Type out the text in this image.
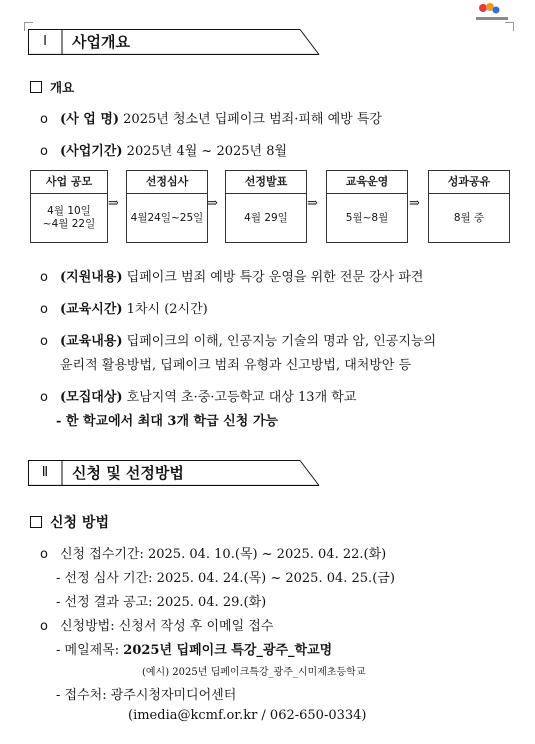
Ⅰ	사업개요
개요
o (사 업 명) 2025년 청소년 딥페이크 범죄·피해 예방 특강
o (사업기간) 2025년 4월 ~ 2025년 8월
사업 공모
4월 10일
~4월 22일
⇒
선정심사
4월24일~25일
⇒
선정발표
4월 29일
⇒
교육운영
5월~8월
⇒
성과공유
8월 중
o (지원내용) 딥페이크 범죄 예방 특강 운영을 위한 전문 강사 파견
o (교육시간) 1차시 (2시간)
o (교육내용) 딥페이크의 이해, 인공지능 기술의 명과 암, 인공지능의
윤리적 활용방법, 딥페이크 범죄 유형과 신고방법, 대처방안 등
o (모집대상) 호남지역 초·중·고등학교 대상 13개 학교
- 한 학교에서 최대 3개 학급 신청 가능
Ⅱ	신청 및 선정방법
신청 방법
o 신청 접수기간: 2025. 04. 10.(목) ~ 2025. 04. 22.(화)
- 선정 심사 기간: 2025. 04. 24.(목) ~ 2025. 04. 25.(금)
- 선정 결과 공고: 2025. 04. 29.(화)
o 신청방법: 신청서 작성 후 이메일 접수
- 메일제목: 2025년 딥페이크 특강_광주_학교명
(예시) 2025년 딥페이크특강_광주_시미제초등학교
- 접수처: 광주시청자미디어센터
(imedia@kcmf.or.kr / 062-650-0334)
